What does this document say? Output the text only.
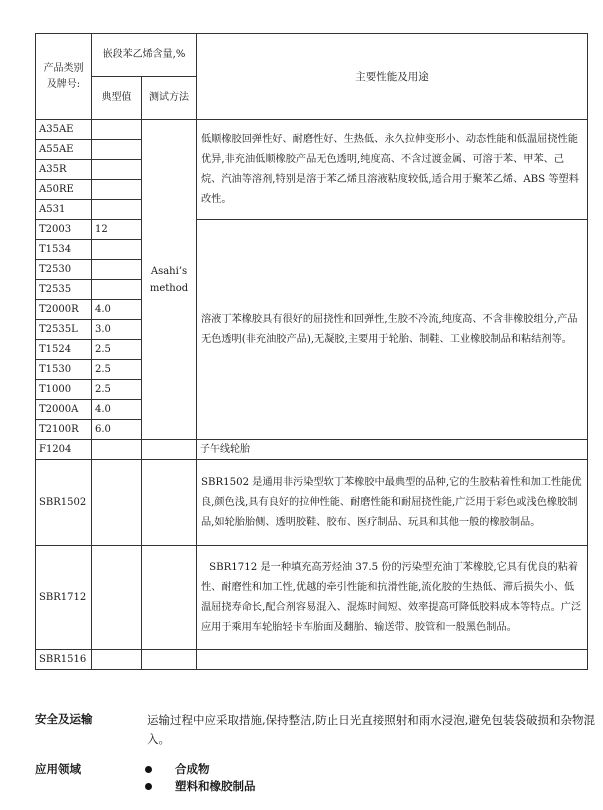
产品类别及牌号:	嵌段苯乙烯含量,%		主要性能及用途
	典型值	测试方法	
A35AE		Asahi’s method	低顺橡胶回弹性好、耐磨性好、生热低、永久拉伸变形小、动态性能和低温屈挠性能优异,非充油低顺橡胶产品无色透明,纯度高、不含过渡金属、可溶于苯、甲苯、己烷、汽油等溶剂,特别是溶于苯乙烯且溶液粘度较低,适合用于聚苯乙烯、ABS 等塑料改性。
A55AE			
A35R			
A50RE			
A531			
T2003	12		溶液丁苯橡胶具有很好的屈挠性和回弹性,生胶不冷流,纯度高、不含非橡胶组分,产品无色透明(非充油胶产品),无凝胶,主要用于轮胎、制鞋、工业橡胶制品和粘结剂等。
T1534			
T2530			
T2535			
T2000R	4.0		
T2535L	3.0		
T1524	2.5		
T1530	2.5		
T1000	2.5		
T2000A	4.0		
T2100R	6.0		
F1204			子午线轮胎
SBR1502			SBR1502 是通用非污染型软丁苯橡胶中最典型的品种,它的生胶粘着性和加工性能优良,颜色浅,具有良好的拉伸性能、耐磨性能和耐屈挠性能,广泛用于彩色或浅色橡胶制品,如轮胎胎侧、透明胶鞋、胶布、医疗制品、玩具和其他一般的橡胶制品。
SBR1712			SBR1712 是一种填充高芳烃油 37.5 份的污染型充油丁苯橡胶,它具有优良的粘着性、耐磨性和加工性,优越的牵引性能和抗滑性能,流化胶的生热低、滞后损失小、低温屈挠寿命长,配合剂容易混入、混炼时间短、效率提高可降低胶料成本等特点。广泛应用于乘用车轮胎轻卡车胎面及翻胎、输送带、胶管和一般黑色制品。
SBR1516			
安全及运输	运输过程中应采取措施,保持整洁,防止日光直接照射和雨水浸泡,避免包装袋破损和杂物混入。
应用领域	合成物
塑料和橡胶制品
